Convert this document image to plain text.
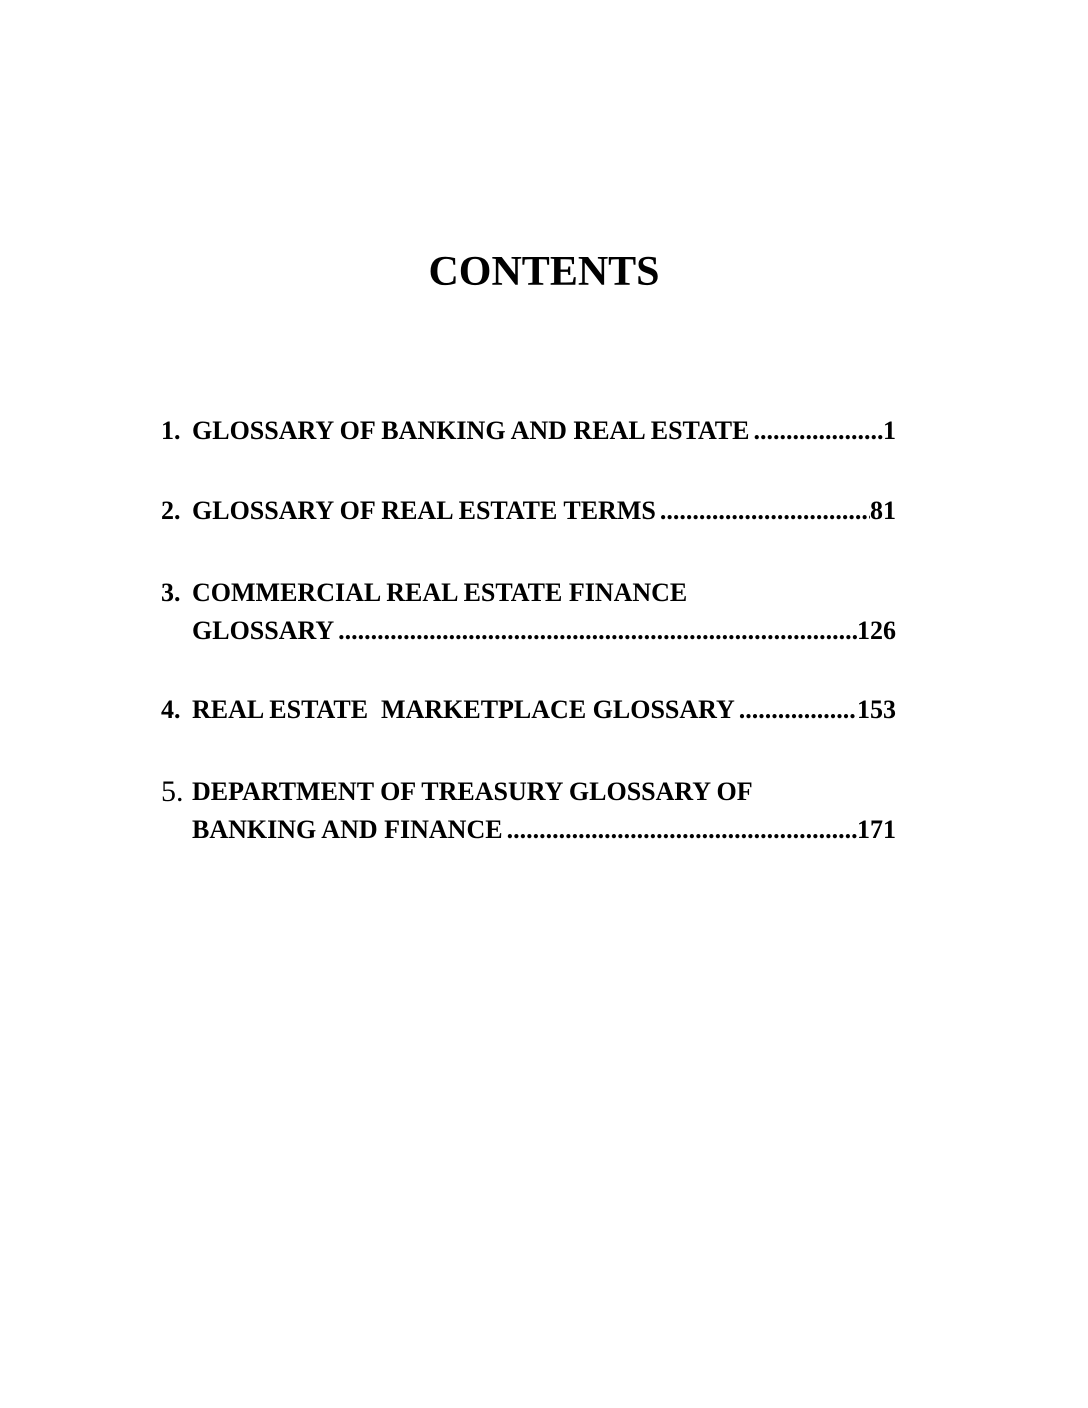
CONTENTS
1. GLOSSARY OF BANKING AND REAL ESTATE .....	1
2. GLOSSARY OF REAL ESTATE TERMS .....	81
3. COMMERCIAL REAL ESTATE FINANCE
GLOSSARY .....	126
4. REAL ESTATE  MARKETPLACE GLOSSARY .....	153
5. DEPARTMENT OF TREASURY GLOSSARY OF
BANKING AND FINANCE .....	171
